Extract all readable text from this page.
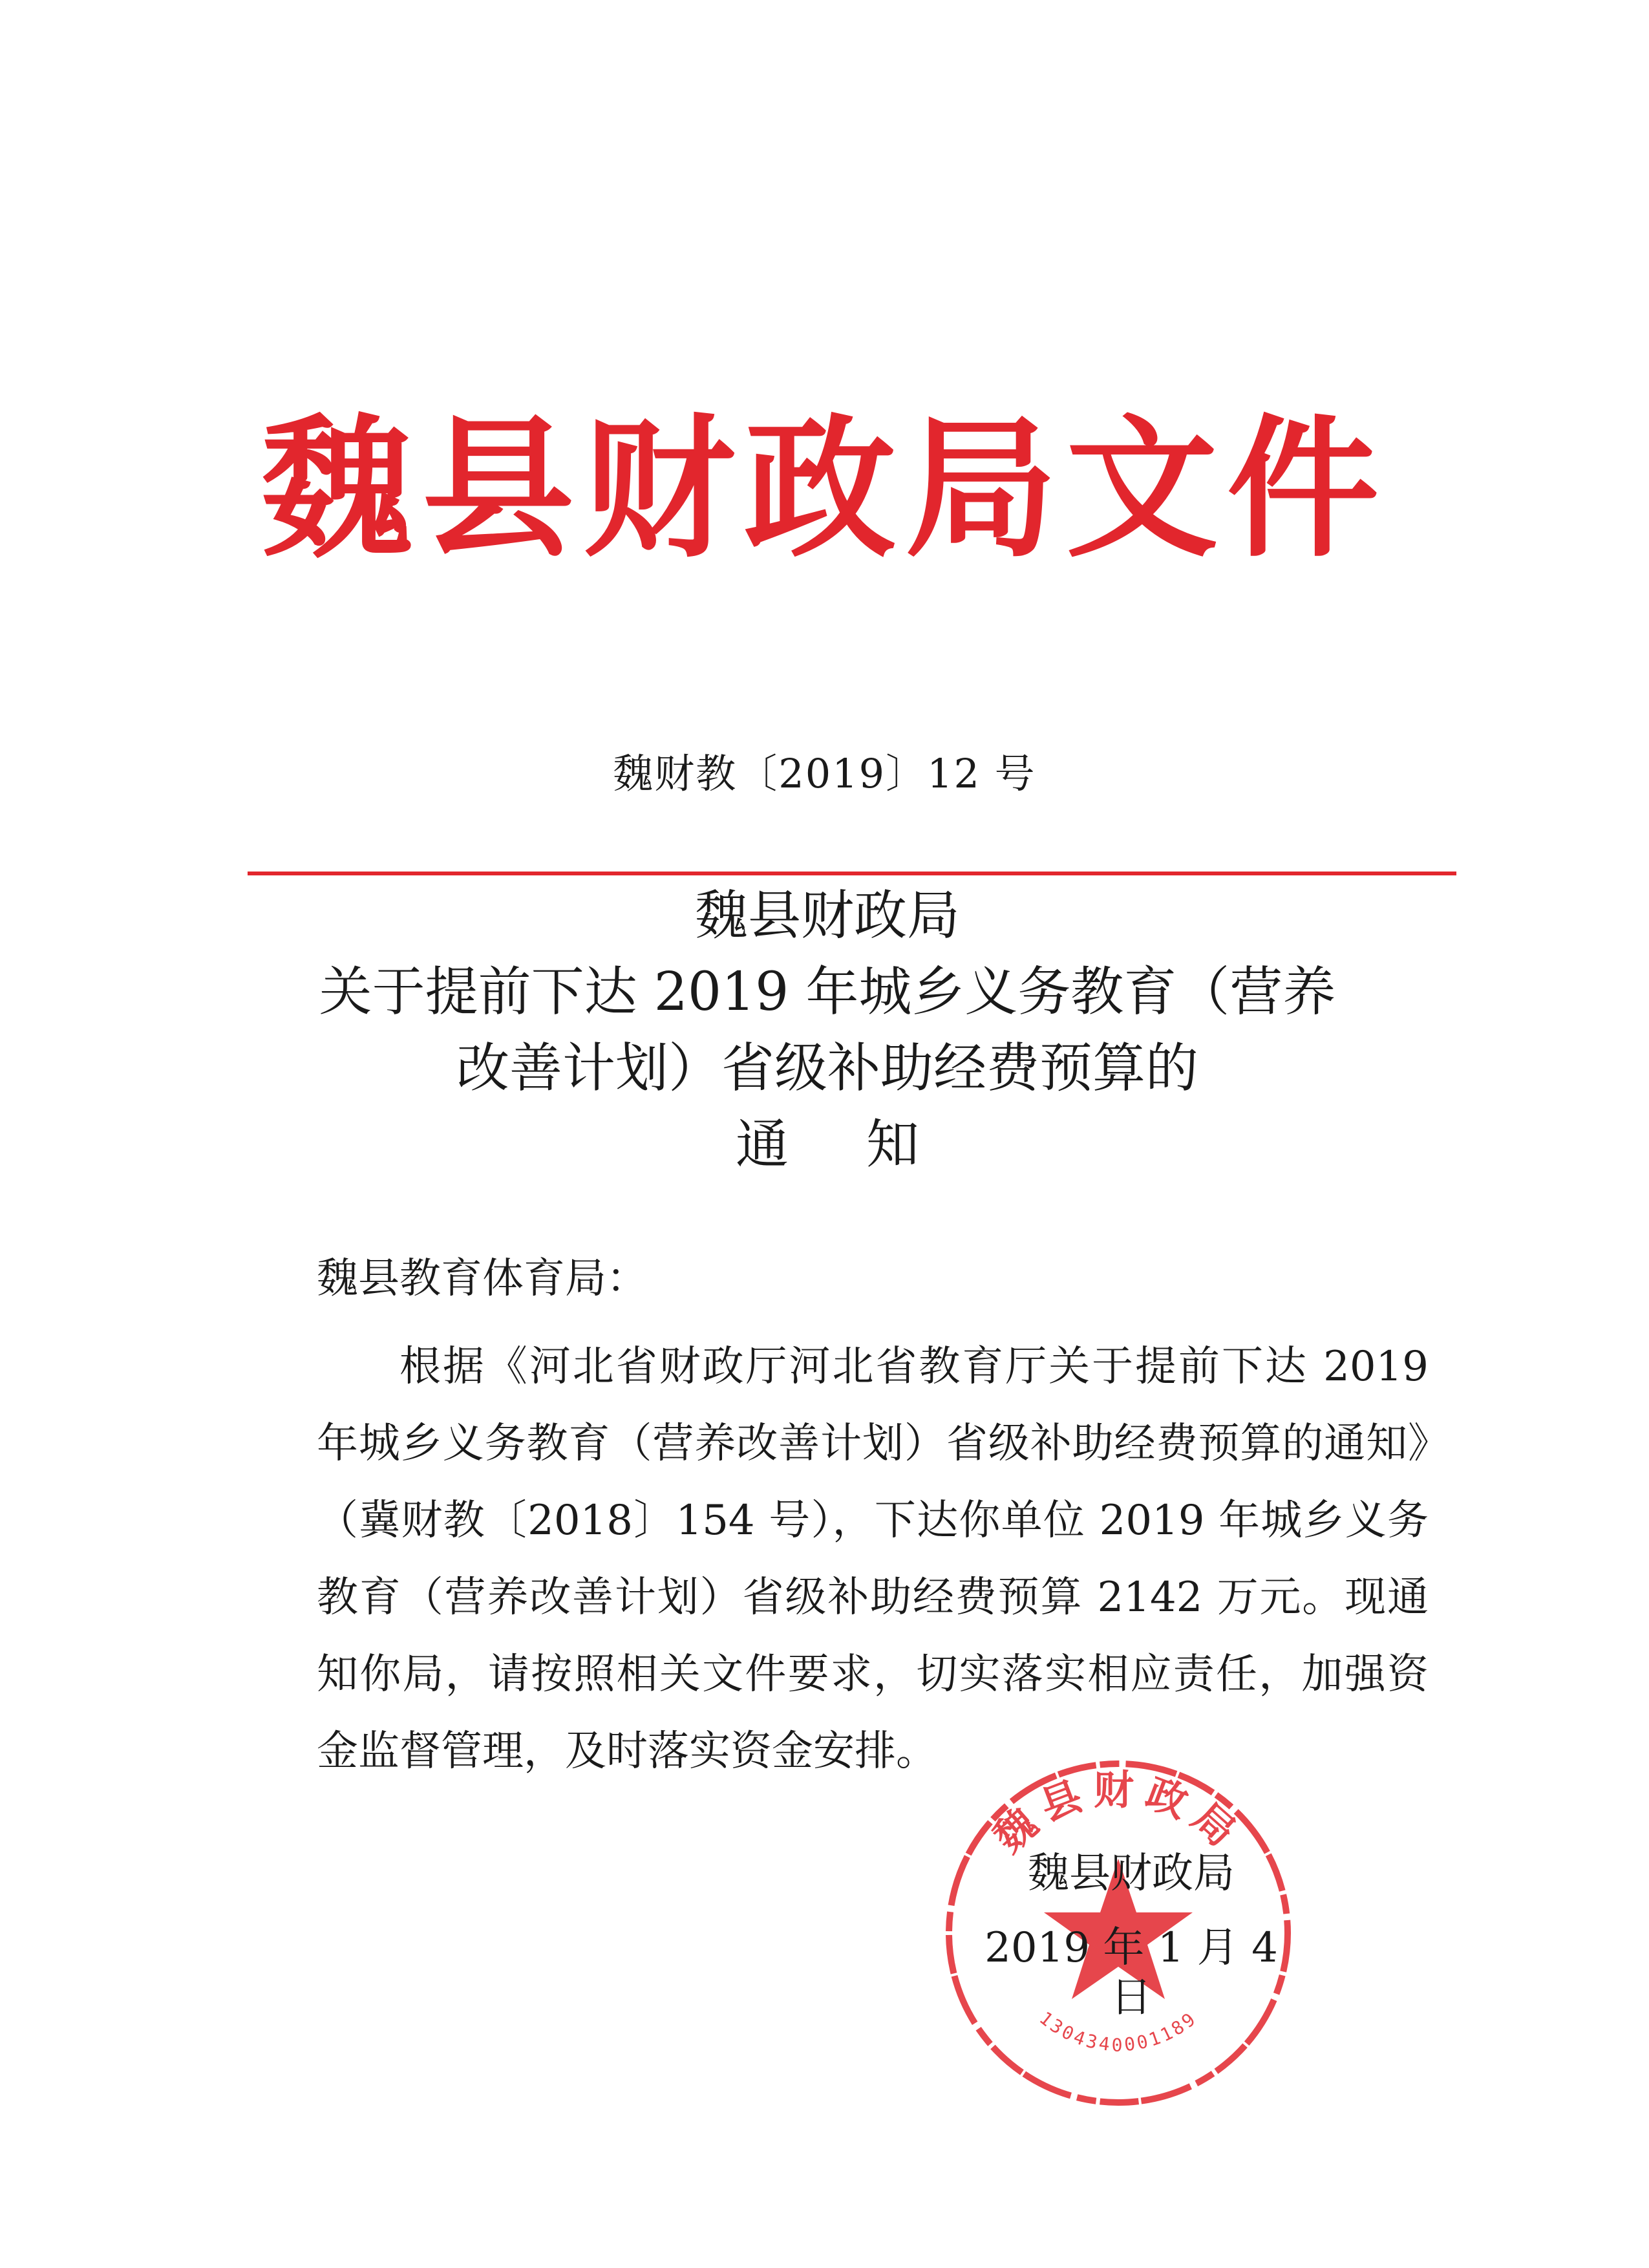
魏县财政局文件
魏财教〔2019〕12 号
魏县财政局
关于提前下达 2019 年城乡义务教育（营养
改善计划）省级补助经费预算的
通知
魏县教育体育局：
根据《河北省财政厅河北省教育厅关于提前下达 2019 年城乡义务教育（营养改善计划）省级补助经费预算的通知》（冀财教〔2018〕154 号），下达你单位 2019 年城乡义务教育（营养改善计划）省级补助经费预算 2142 万元。现通知你局，请按照相关文件要求，切实落实相应责任，加强资金监督管理，及时落实资金安排。
魏县财政局
1304340001189
魏县财政局
2019 年 1 月 4 日
